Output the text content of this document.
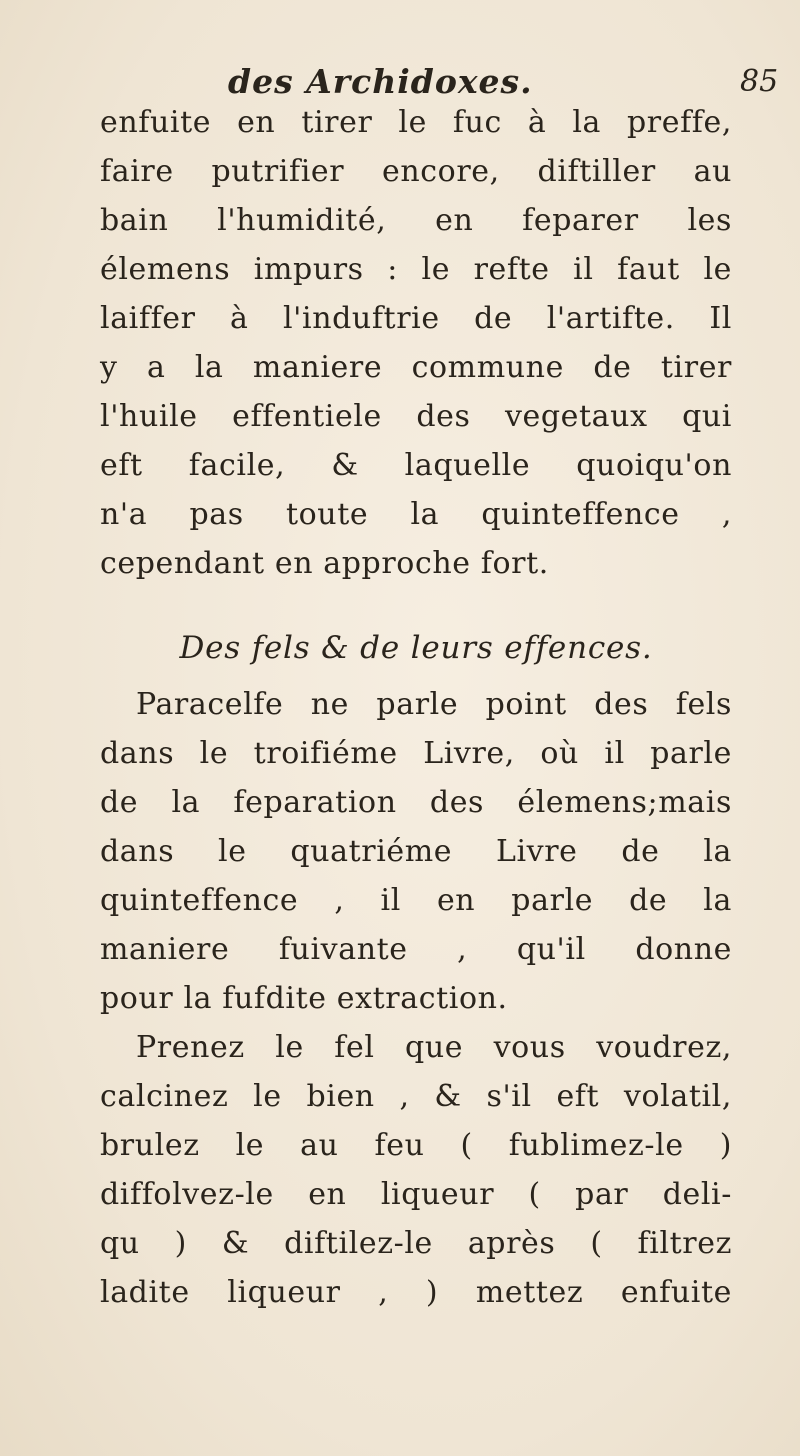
des Archidoxes.	85
enfuite en tirer le fuc à la preffe,
faire putrifier encore, diftiller au
bain l'humidité, en feparer les
élemens impurs : le refte il faut le
laiffer à l'induftrie de l'artifte. Il
y a la maniere commune de tirer
l'huile effentiele des vegetaux qui
eft facile, & laquelle quoiqu'on
n'a pas toute la quinteffence ,
cependant en approche fort.
Des fels & de leurs effences.
Paracelfe ne parle point des fels
dans le troifiéme Livre, où il parle
de la feparation des élemens;mais
dans le quatriéme Livre de la
quinteffence , il en parle de la
maniere fuivante , qu'il donne
pour la fufdite extraction.
Prenez le fel que vous voudrez,
calcinez le bien , & s'il eft volatil,
brulez le au feu ( fublimez-le )
diffolvez-le en liqueur ( par deli-
qu ) & diftilez-le après ( filtrez
ladite liqueur , ) mettez enfuite
